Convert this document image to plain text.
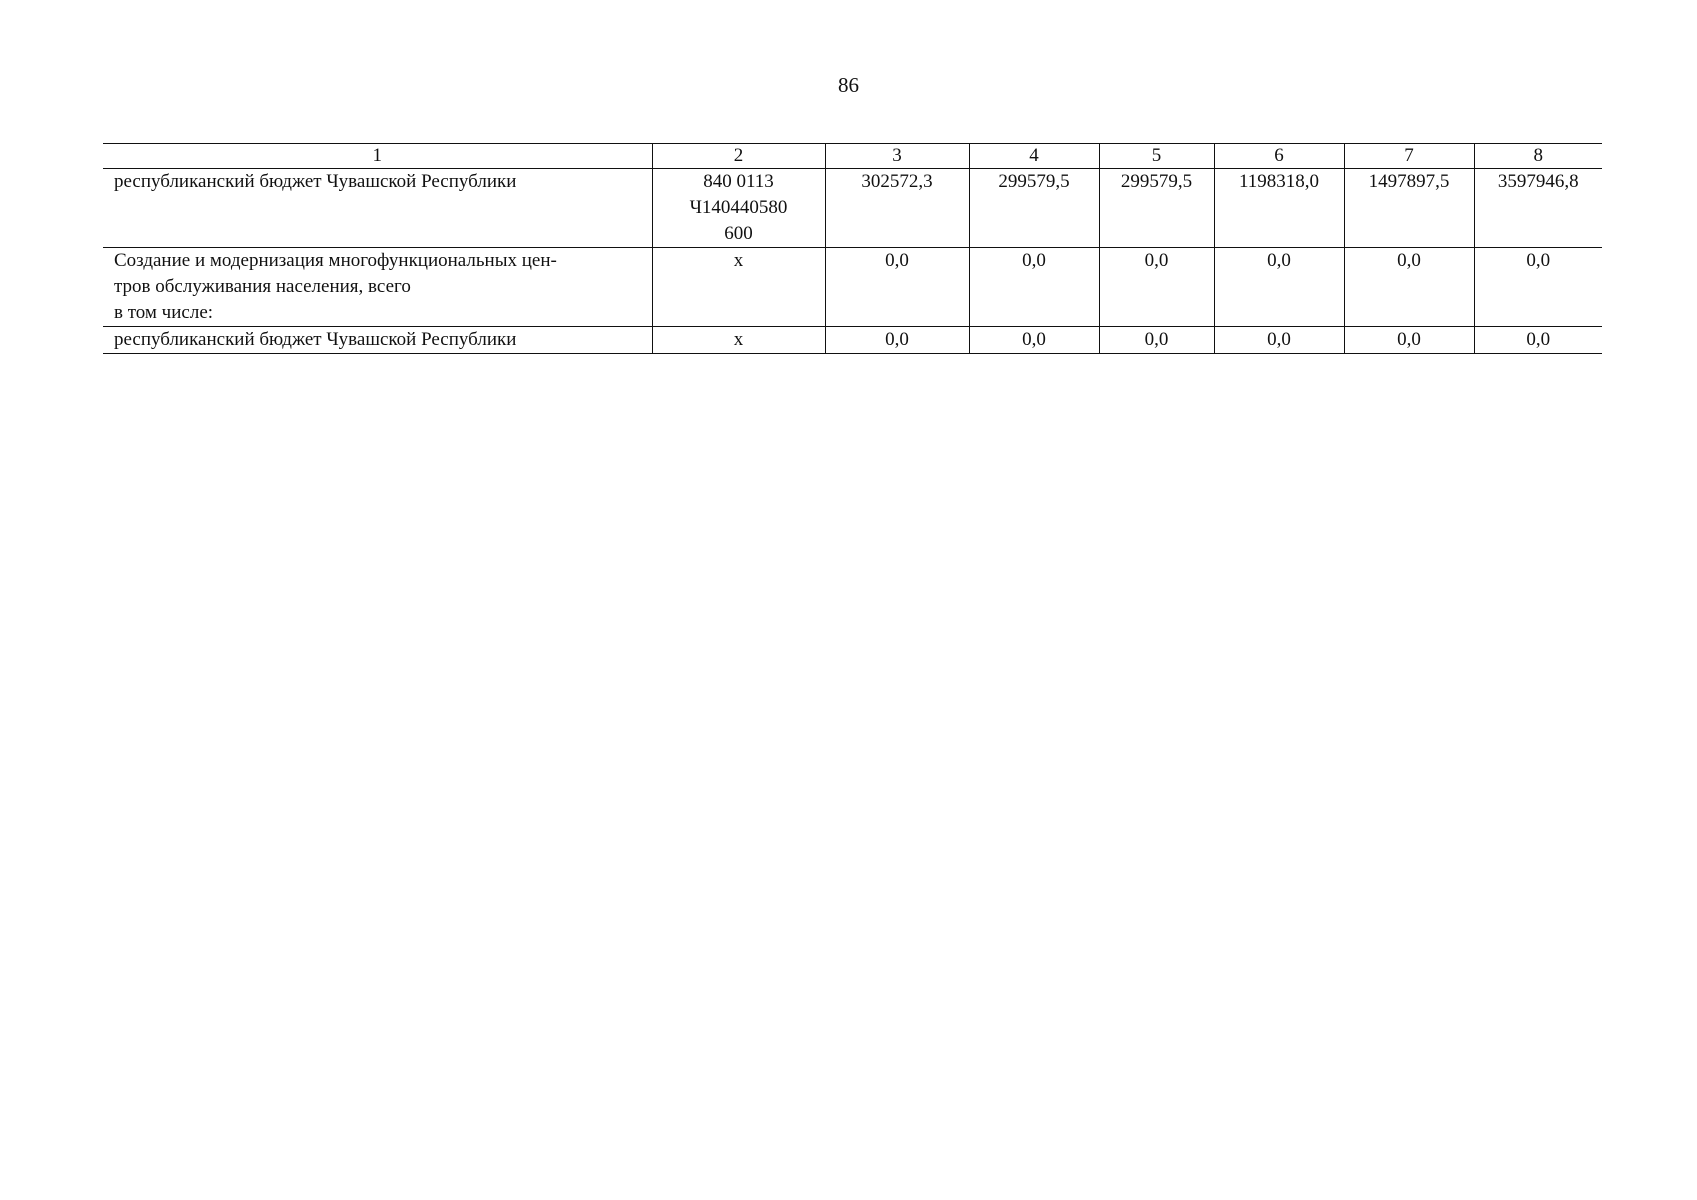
86
1	2	3	4	5	6	7	8

республиканский бюджет Чувашской Республики	840 0113
Ч140440580
600	302572,3	299579,5	299579,5	1198318,0	1497897,5	3597946,8

Создание и модернизация многофункциональных цен-
тров обслуживания населения, всего
в том числе:	x	0,0	0,0	0,0	0,0	0,0	0,0

республиканский бюджет Чувашской Республики	x	0,0	0,0	0,0	0,0	0,0	0,0
